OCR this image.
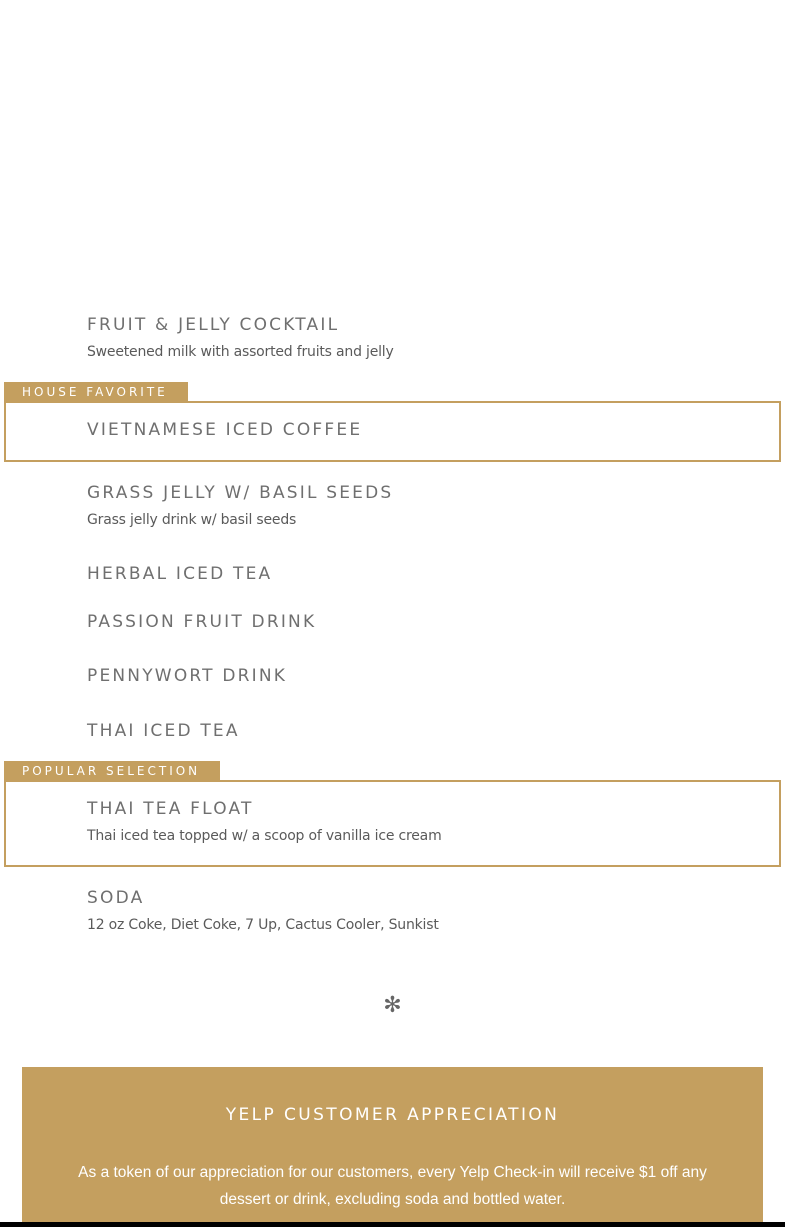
FRUIT & JELLY COCKTAIL

Sweetened milk with assorted fruits and jelly

HOUSE FAVORITE
VIETNAMESE ICED COFFEE
GRASS JELLY W/ BASIL SEEDS

Grass jelly drink w/ basil seeds

HERBAL ICED TEA
PASSION FRUIT DRINK
PENNYWORT DRINK
THAI ICED TEA
POPULAR SELECTION
THAI TEA FLOAT

Thai iced tea topped w/ a scoop of vanilla ice cream

SODA

12 oz Coke, Diet Coke, 7 Up, Cactus Cooler, Sunkist

✻
YELP CUSTOMER APPRECIATION
As a token of our appreciation for our customers, every Yelp Check-in will receive $1 off any dessert or drink, excluding soda and bottled water.
